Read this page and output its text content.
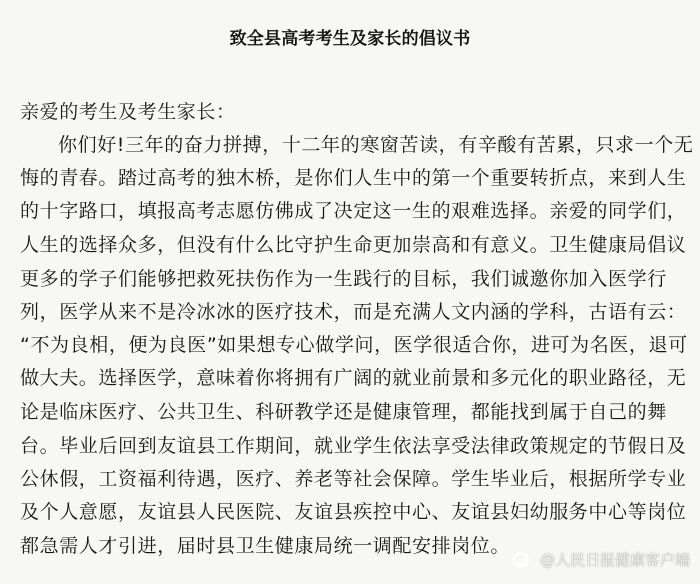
致全县高考考生及家长的倡议书
亲爱的考生及考生家长：
你们好!三年的奋力拼搏，十二年的寒窗苦读，有辛酸有苦累，只求一个无
悔的青春。踏过高考的独木桥，是你们人生中的第一个重要转折点，来到人生
的十字路口，填报高考志愿仿佛成了决定这一生的艰难选择。亲爱的同学们，
人生的选择众多，但没有什么比守护生命更加崇高和有意义。卫生健康局倡议
更多的学子们能够把救死扶伤作为一生践行的目标，我们诚邀你加入医学行
列，医学从来不是冷冰冰的医疗技术，而是充满人文内涵的学科，古语有云：
“不为良相，便为良医”如果想专心做学问，医学很适合你，进可为名医，退可
做大夫。选择医学，意味着你将拥有广阔的就业前景和多元化的职业路径，无
论是临床医疗、公共卫生、科研教学还是健康管理，都能找到属于自己的舞
台。毕业后回到友谊县工作期间，就业学生依法享受法律政策规定的节假日及
公休假，工资福利待遇，医疗、养老等社会保障。学生毕业后，根据所学专业
及个人意愿，友谊县人民医院、友谊县疾控中心、友谊县妇幼服务中心等岗位
都急需人才引进，届时县卫生健康局统一调配安排岗位。
@人民日报健康客户端
